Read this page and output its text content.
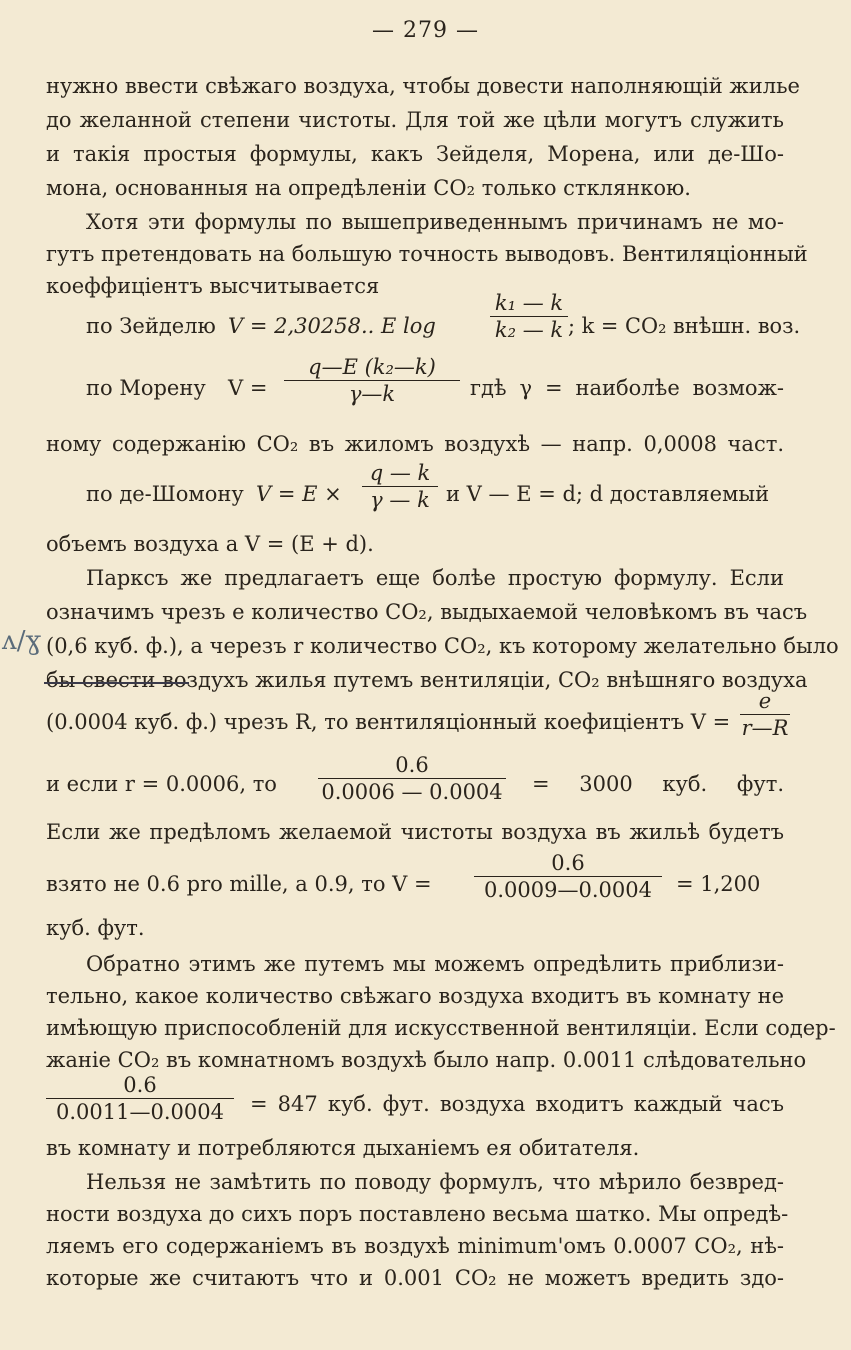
— 279 —
нужно ввести свѣжаго воздуха, чтобы довести наполняющій жилье
до желанной степени чистоты. Для той же цѣли могутъ служить
и такія простыя формулы, какъ Зейделя, Морена, или де-Шо-
мона, основанныя на опредѣленіи CO₂ только стклянкою.
Хотя эти формулы по вышеприведеннымъ причинамъ не мо-
гутъ претендовать на большую точность выводовъ. Вентиляціонный
коеффиціентъ высчитывается
по Зейделю V = 2,30258.. E log
k₁ — k
k₂ — k ; k = CO₂ внѣшн. воз.
по Морену V =
q—E (k₂—k)
γ—k	гдѣ γ = наиболѣе возмож-
ному содержанію CO₂ въ жиломъ воздухѣ — напр. 0,0008 част.
по де-Шомону V = E ×
q — k
γ — k и V — E = d; d доставляемый
объемъ воздуха а V = (E + d).
Парксъ же предлагаетъ еще болѣе простую формулу. Если
означимъ чрезъ e количество CO₂, выдыхаемой человѣкомъ въ часъ
(0,6 куб. ф.), а черезъ r количество CO₂, къ которому желательно было
бы свести воздухъ жилья путемъ вентиляціи, CO₂ внѣшняго воздуха
ʌ/ɣ
(0.0004 куб. ф.) чрезъ R, то вентиляціонный коефиціентъ V =
e
r—R
и если r = 0.0006, то
0.6
0.0006 — 0.0004 = 3000 куб. фут.
Если же предѣломъ желаемой чистоты воздуха въ жильѣ будетъ
взято не 0.6 pro mille, а 0.9, то V =
0.6
0.0009—0.0004	= 1,200
куб. фут.
Обратно этимъ же путемъ мы можемъ опредѣлить приблизи-
тельно, какое количество свѣжаго воздуха входитъ въ комнату не
имѣющую приспособленій для искусственной вентиляціи. Если содер-
жаніе CO₂ въ комнатномъ воздухѣ было напр. 0.0011 слѣдовательно
0.6
0.0011—0.0004	= 847 куб. фут. воздуха входитъ каждый часъ
въ комнату и потребляются дыханіемъ ея обитателя.
Нельзя не замѣтить по поводу формулъ, что мѣрило безвред-
ности воздуха до сихъ поръ поставлено весьма шатко. Мы опредѣ-
ляемъ его содержаніемъ въ воздухѣ minimum'омъ 0.0007 CO₂, нѣ-
которые же считаютъ что и 0.001 CO₂ не можетъ вредить здо-
